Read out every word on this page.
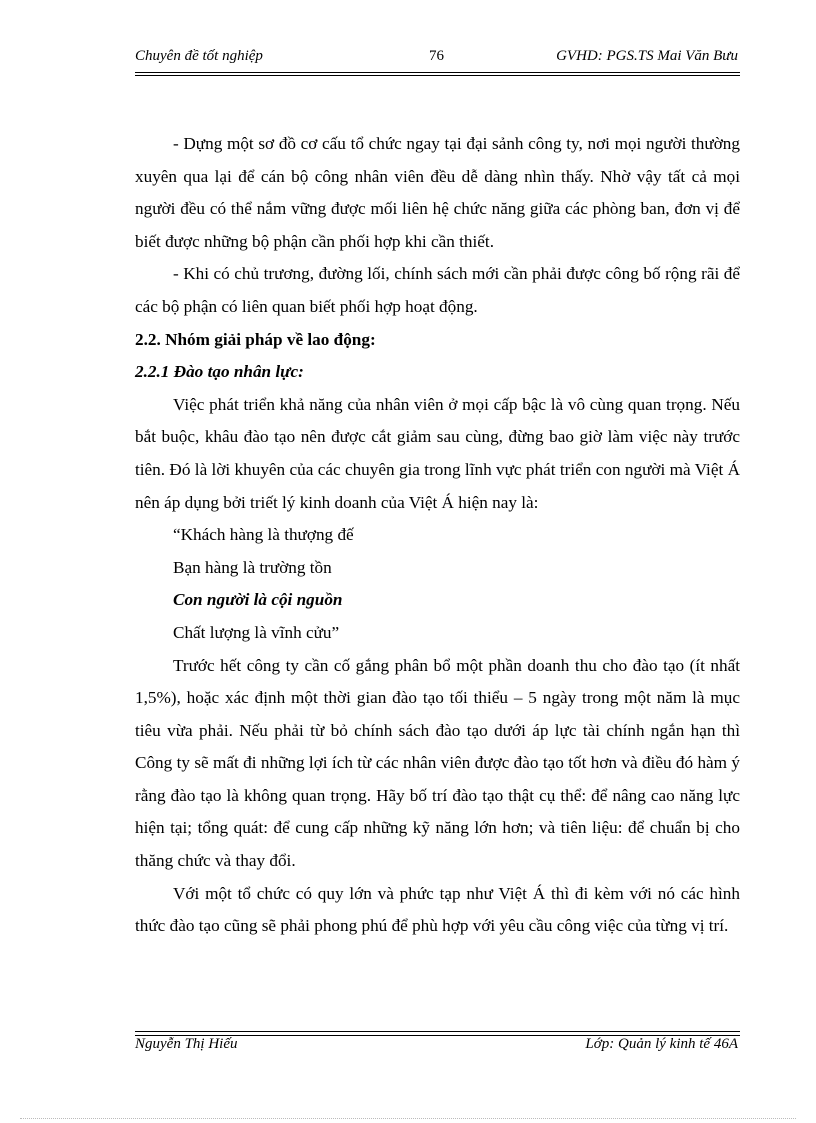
Chuyên đề tốt nghiệp	76	GVHD: PGS.TS Mai Văn Bưu

- Dựng một sơ đồ cơ cấu tổ chức ngay tại đại sảnh công ty, nơi mọi người thường xuyên qua lại để cán bộ công nhân viên đều dễ dàng nhìn thấy. Nhờ vậy tất cả mọi người đều có thể nắm vững được mối liên hệ chức năng giữa các phòng ban, đơn vị để biết được những bộ phận cần phối hợp khi cần thiết.

- Khi có chủ trương, đường lối, chính sách mới cần phải được công bố rộng rãi để các bộ phận có liên quan biết phối hợp hoạt động.

2.2. Nhóm giải pháp về lao động:

2.2.1 Đào tạo nhân lực:

Việc phát triển khả năng của nhân viên ở mọi cấp bậc là vô cùng quan trọng. Nếu bắt buộc, khâu đào tạo nên được cắt giảm sau cùng, đừng bao giờ làm việc này trước tiên. Đó là lời khuyên của các chuyên gia trong lĩnh vực phát triển con người mà Việt Á nên áp dụng bởi triết lý kinh doanh của Việt Á hiện nay là:

“Khách hàng là thượng đế

Bạn hàng là trường tồn

Con người là cội nguồn

Chất lượng là vĩnh cửu”

Trước hết công ty cần cố gắng phân bổ một phần doanh thu cho đào tạo (ít nhất 1,5%), hoặc xác định một thời gian đào tạo tối thiểu – 5 ngày trong một năm là mục tiêu vừa phải. Nếu phải từ bỏ chính sách đào tạo dưới áp lực tài chính ngắn hạn thì Công ty sẽ mất đi những lợi ích từ các nhân viên được đào tạo tốt hơn và điều đó hàm ý rằng đào tạo là không quan trọng. Hãy bố trí đào tạo thật cụ thể: để nâng cao năng lực hiện tại; tổng quát: để cung cấp những kỹ năng lớn hơn; và tiên liệu: để chuẩn bị cho thăng chức và thay đổi.

Với một tổ chức có quy lớn và phức tạp như Việt Á thì đi kèm với nó các hình thức đào tạo cũng sẽ phải phong phú để phù hợp với yêu cầu công việc của từng vị trí.

Nguyễn Thị Hiếu	Lớp: Quản lý kinh tế 46A
